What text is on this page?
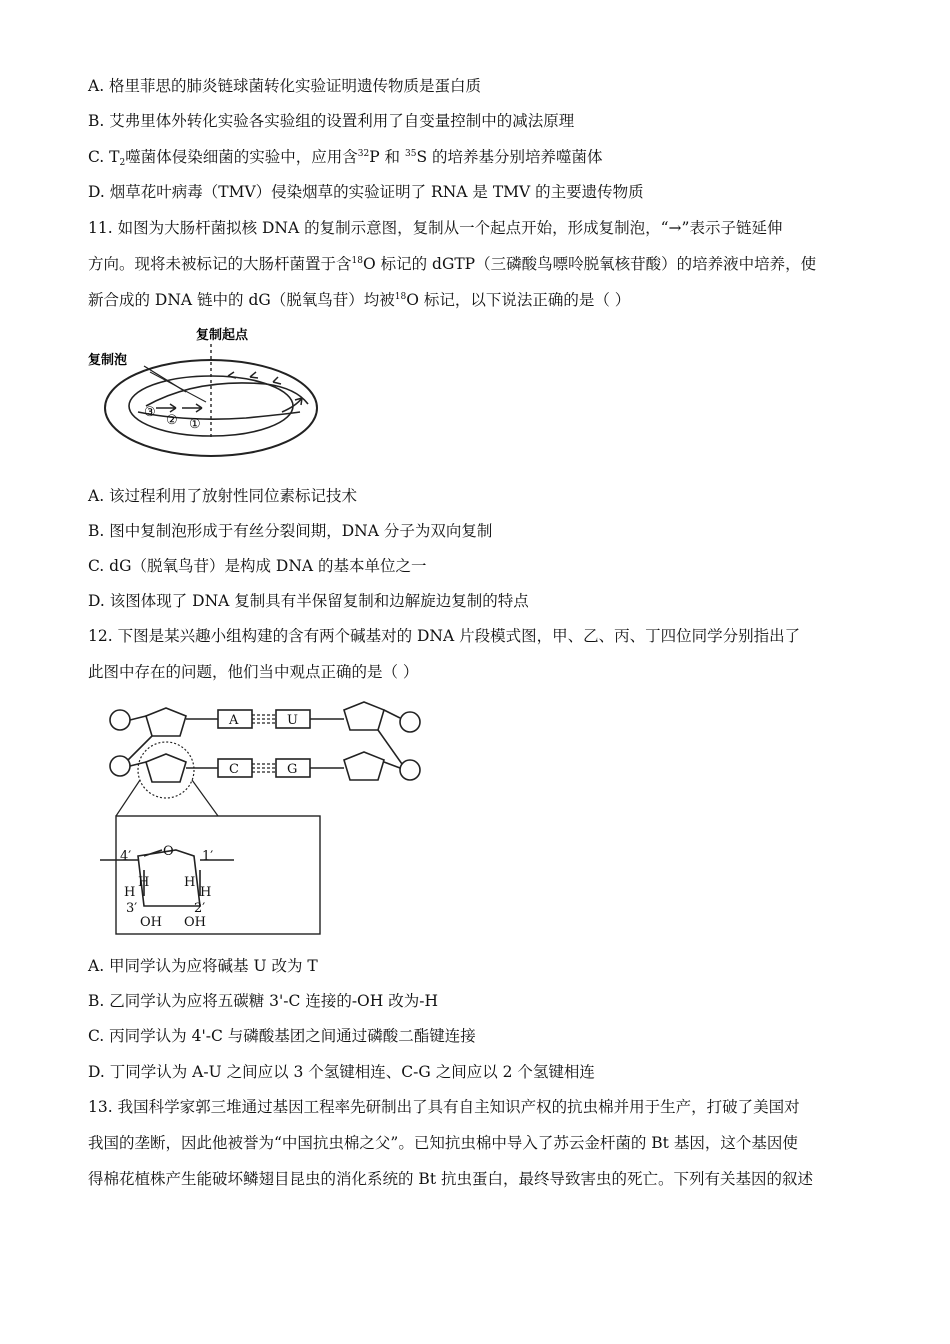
A. 格里菲思的肺炎链球菌转化实验证明遗传物质是蛋白质
B. 艾弗里体外转化实验各实验组的设置利用了自变量控制中的减法原理
C. $T_2$噬菌体侵染细菌的实验中，应用含$^{32}$P 和 $^{35}$S 的培养基分别培养噬菌体
D. 烟草花叶病毒（TMV）侵染烟草的实验证明了 RNA 是 TMV 的主要遗传物质
11. 如图为大肠杆菌拟核 DNA 的复制示意图，复制从一个起点开始，形成复制泡，“→”表示子链延伸
方向。现将未被标记的大肠杆菌置于含$^{18}$O 标记的 dGTP（三磷酸鸟嘌呤脱氧核苷酸）的培养液中培养，使
新合成的 DNA 链中的 dG（脱氧鸟苷）均被$^{18}$O 标记，以下说法正确的是（ ）
复制起点
复制泡
③
② ①
A. 该过程利用了放射性同位素标记技术
B. 图中复制泡形成于有丝分裂间期，DNA 分子为双向复制
C. dG（脱氧鸟苷）是构成 DNA 的基本单位之一
D. 该图体现了 DNA 复制具有半保留复制和边解旋边复制的特点
12. 下图是某兴趣小组构建的含有两个碱基对的 DNA 片段模式图，甲、乙、丙、丁四位同学分别指出了
此图中存在的问题，他们当中观点正确的是（ ）
A	U
C	G
O
4′	1′
3′	2′
H
H	H
H
OH OH
A. 甲同学认为应将碱基 U 改为 T
B. 乙同学认为应将五碳糖 3'-C 连接的-OH 改为-H
C. 丙同学认为 4'-C 与磷酸基团之间通过磷酸二酯键连接
D. 丁同学认为 A-U 之间应以 3 个氢键相连、C-G 之间应以 2 个氢键相连
13. 我国科学家郭三堆通过基因工程率先研制出了具有自主知识产权的抗虫棉并用于生产，打破了美国对
我国的垄断，因此他被誉为“中国抗虫棉之父”。已知抗虫棉中导入了苏云金杆菌的 Bt 基因，这个基因使
得棉花植株产生能破坏鳞翅目昆虫的消化系统的 Bt 抗虫蛋白，最终导致害虫的死亡。下列有关基因的叙述
